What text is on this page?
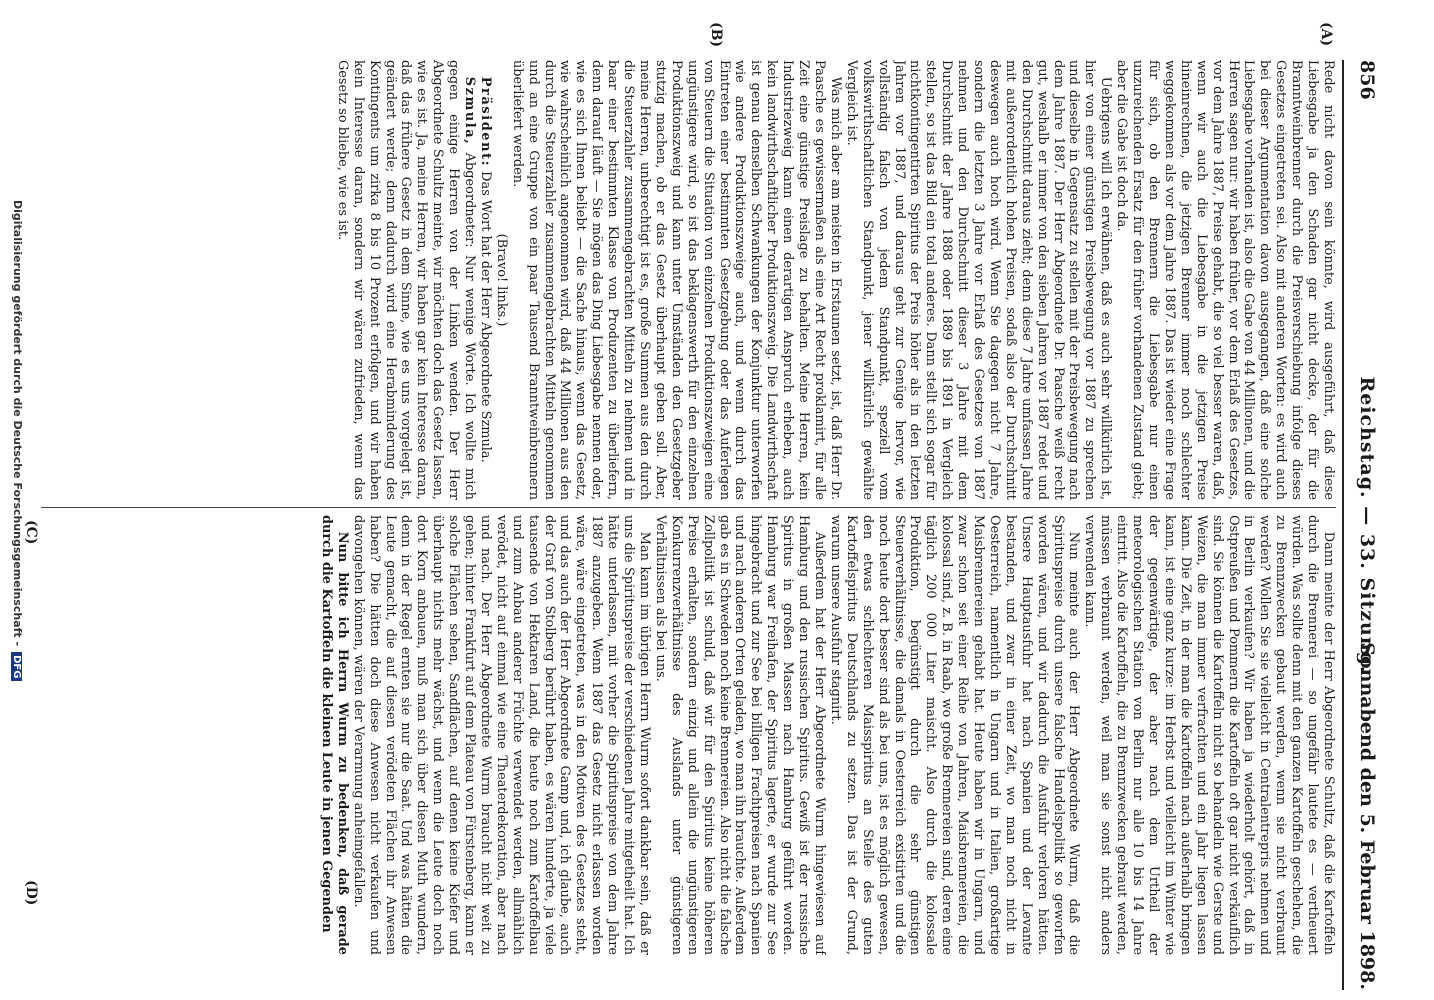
856
Reichstag. — 33. Sitzung.
Sonnabend den 5. Februar 1898.
(A)
(B)
(C)
(D)

Rede nicht davon sein könnte, wird ausgeführt, daß diese Liebesgabe ja den Schaden gar nicht decke, der für die Branntweinbrenner durch die Preisverschiebung infolge dieses Gesetzes eingetreten sei. Also mit anderen Worten: es wird auch bei dieser Argumentation davon ausgegangen, daß eine solche Liebesgabe vorhanden ist, also die Gabe von 44 Millionen, und die Herren sagen nur: wir haben früher, vor dem Erlaß des Gesetzes, vor dem Jahre 1887, Preise gehabt, die so viel besser waren, daß, wenn wir auch die Liebesgabe in die jetzigen Preise hineinrechnen, die jetzigen Brenner immer noch schlechter weggekommen als vor dem Jahre 1887. Das ist wieder eine Frage für sich, ob den Brennern die Liebesgabe nur einen unzureichenden Ersatz für den früher vorhandenen Zustand giebt; aber die Gabe ist doch da.

Uebrigens will ich erwähnen, daß es auch sehr willkürlich ist, hier von einer günstigen Preisbewegung vor 1887 zu sprechen und dieselbe in Gegensatz zu stellen mit der Preisbewegung nach dem Jahre 1887. Der Herr Abgeordnete Dr. Paasche weiß recht gut, weshalb er immer von den sieben Jahren vor 1887 redet und den Durchschnitt daraus zieht; denn diese 7 Jahre umfassen Jahre mit außerordentlich hohen Preisen, sodaß also der Durchschnitt deswegen auch hoch wird. Wenn Sie dagegen nicht 7 Jahre, sondern die letzten 3 Jahre vor Erlaß des Gesetzes von 1887 nehmen und den Durchschnitt dieser 3 Jahre mit dem Durchschnitt der Jahre 1888 oder 1889 bis 1891 in Vergleich stellen, so ist das Bild ein total anderes. Dann stellt sich sogar für nichtkontingentirten Spiritus der Preis höher als in den letzten Jahren vor 1887, und daraus geht zur Genüge hervor, wie vollständig falsch von jedem Standpunkt, speziell vom volkswirthschaftlichen Standpunkt, jener willkürlich gewählte Vergleich ist.

Was mich aber am meisten in Erstaunen setzt, ist, daß Herr Dr. Paasche es gewissermaßen als eine Art Recht proklamirt, für alle Zeit eine günstige Preislage zu behalten. Meine Herren, kein Industriezweig kann einen derartigen Anspruch erheben, auch kein landwirthschaftlicher Produktionszweig. Die Landwirthschaft ist genau denselben Schwankungen der Konjunktur unterworfen wie andere Produktionszweige auch, und wenn durch das Eintreten einer bestimmten Gesetzgebung oder das Auferlegen von Steuern die Situation von einzelnen Produktionszweigen eine ungünstigere wird, so ist das beklagenswerth für den einzelnen Produktionszweig und kann unter Umständen den Gesetzgeber stutzig machen, ob er das Gesetz überhaupt geben soll. Aber, meine Herren, unberechtigt ist es, große Summen aus den durch die Steuerzahler zusammengebrachten Mitteln zu nehmen und in baar einer bestimmten Klasse von Produzenten zu überliefern, denn darauf läuft — Sie mögen das Ding Liebesgabe nennen oder, wie es sich Ihnen beliebt — die Sache hinaus, wenn das Gesetz, wie wahrscheinlich angenommen wird, daß 44 Millionen aus den durch die Steuerzahler zusammengebrachten Mitteln genommen und an eine Gruppe von ein paar Tausend Branntweinbrennern überliefert werden.

(Bravo! links.)

Präsident: Das Wort hat der Herr Abgeordnete Szmula.

Szmula, Abgeordneter: Nur wenige Worte. Ich wollte mich gegen einige Herren von der Linken wenden. Der Herr Abgeordnete Schultz meinte, wir möchten doch das Gesetz lassen, wie es ist. Ja, meine Herren, wir haben gar kein Interesse daran, daß das frühere Gesetz in dem Sinne, wie es uns vorgelegt ist, geändert werde; denn dadurch wird eine Herabminderung des Kontingents um zirka 8 bis 10 Prozent erfolgen, und wir haben kein Interesse daran, sondern wir wären zufrieden, wenn das Gesetz so bliebe, wie es ist.

Dann meinte der Herr Abgeordnete Schultz, daß die Kartoffeln durch die Brennerei — so ungefähr lautete es — vertheuert würden. Was sollte denn mit den ganzen Kartoffeln geschehen, die zu Brennzwecken gebaut werden, wenn sie nicht verbraunt werden? Wollen Sie sie vielleicht in Centralentrepris nehmen und in Berlin verkaufen? Wir haben ja wiederholt gehört, daß in Ostpreußen und Pommern die Kartoffeln oft gar nicht verkäuflich sind. Sie können die Kartoffeln nicht so behandeln wie Gerste und Weizen, die man immer verfrachten und ein Jahr liegen lassen kann. Die Zeit, in der man die Kartoffeln nach außerhalb bringen kann, ist eine ganz kurze: im Herbst und vielleicht im Winter wie der gegenwärtige, der aber nach dem Urtheil der meteorologischen Station von Berlin nur alle 10 bis 14 Jahre eintritt. Also die Kartoffeln, die zu Brennzwecken gebraut werden, müssen verbraunt werden, weil man sie sonst nicht anders verwenden kann.

Nun meinte auch der Herr Abgeordnete Wurm, daß die Spirituspreise durch unsere falsche Handelspolitik so geworfen worden wären, und wir dadurch die Ausfuhr verloren hätten. Unsere Hauptausfuhr hat nach Spanien und der Levante bestanden, und zwar in einer Zeit, wo man noch nicht in Oesterreich, namentlich in Ungarn und in Italien, großartige Maisbrennereien gehabt hat. Heute haben wir in Ungarn, und zwar schon seit einer Reihe von Jahren, Maisbrennereien, die kolossal sind, z. B. in Raab, wo große Brennereien sind, deren eine täglich 200 000 Liter maischt. Also durch die kolossale Produktion, begünstigt durch die sehr günstigen Steuerverhältnisse, die damals in Oesterreich existirten und die noch heute dort besser sind als bei uns, ist es möglich gewesen, den etwas schlechteren Maisspiritus an Stelle des guten Kartoffelspiritus Deutschlands zu setzen. Das ist der Grund, warum unsere Ausfuhr stagnirt.

Außerdem hat der Herr Abgeordnete Wurm hingewiesen auf Hamburg und den russischen Spiritus. Gewiß ist der russische Spiritus in großen Massen nach Hamburg geführt worden. Hamburg war Freihafen, der Spiritus lagerte, er wurde zur See hingebracht und zur See bei billigen Frachtpreisen nach Spanien und nach anderen Orten geladen, wo man ihn brauchte. Außerdem gab es in Schweden noch keine Brennereien. Also nicht die falsche Zollpolitik ist schuld, daß wir für den Spiritus keine höheren Preise erhalten, sondern einzig und allein die ungünstigeren Konkurrenzverhältnisse des Auslands unter günstigeren Verhältnissen als bei uns.

Man kann im übrigen Herrn Wurm sofort dankbar sein, daß er uns die Spirituspreise der verschiedenen Jahre mitgetheilt hat. Ich hätte unterlassen, mit vorher die Spirituspreise von dem Jahre 1887 anzugeben. Wenn 1887 das Gesetz nicht erlassen worden wäre, wäre eingetreten, was in den Motiven des Gesetzes steht, und das auch der Herr Abgeordnete Gamp und, ich glaube, auch der Graf von Stolberg berührt haben, es wären hunderte, ja viele tausende von Hektaren Land, die heute noch zum Kartoffelbau und zum Anbau anderer Früchte verwendet werden, allmählich verödet, nicht auf einmal wie eine Theaterdekoration, aber nach und nach. Der Herr Abgeordnete Wurm braucht nicht weit zu gehen; hinter Frankfurt auf dem Plateau von Fürstenberg, kann er solche Flächen sehen, Sandflächen, auf denen keine Kiefer und überhaupt nichts mehr wächst, und wenn die Leute doch noch dort Korn anbauen, muß man sich über diesen Muth wundern, denn in der Regel ernten sie nur die Saat. Und was hätten die Leute gemacht, die auf diesen verödeten Flächen ihr Anwesen haben? Die hätten doch diese Anwesen nicht verkaufen und davongehen können, wären der Verarmung anheimgefallen.

Nun bitte ich Herrn Wurm zu bedenken, daß gerade durch die Kartoffeln die kleinen Leute in jenen Gegenden

Digitalisierung gefördert durch die Deutsche Forschungsgemeinschaft -DFG
